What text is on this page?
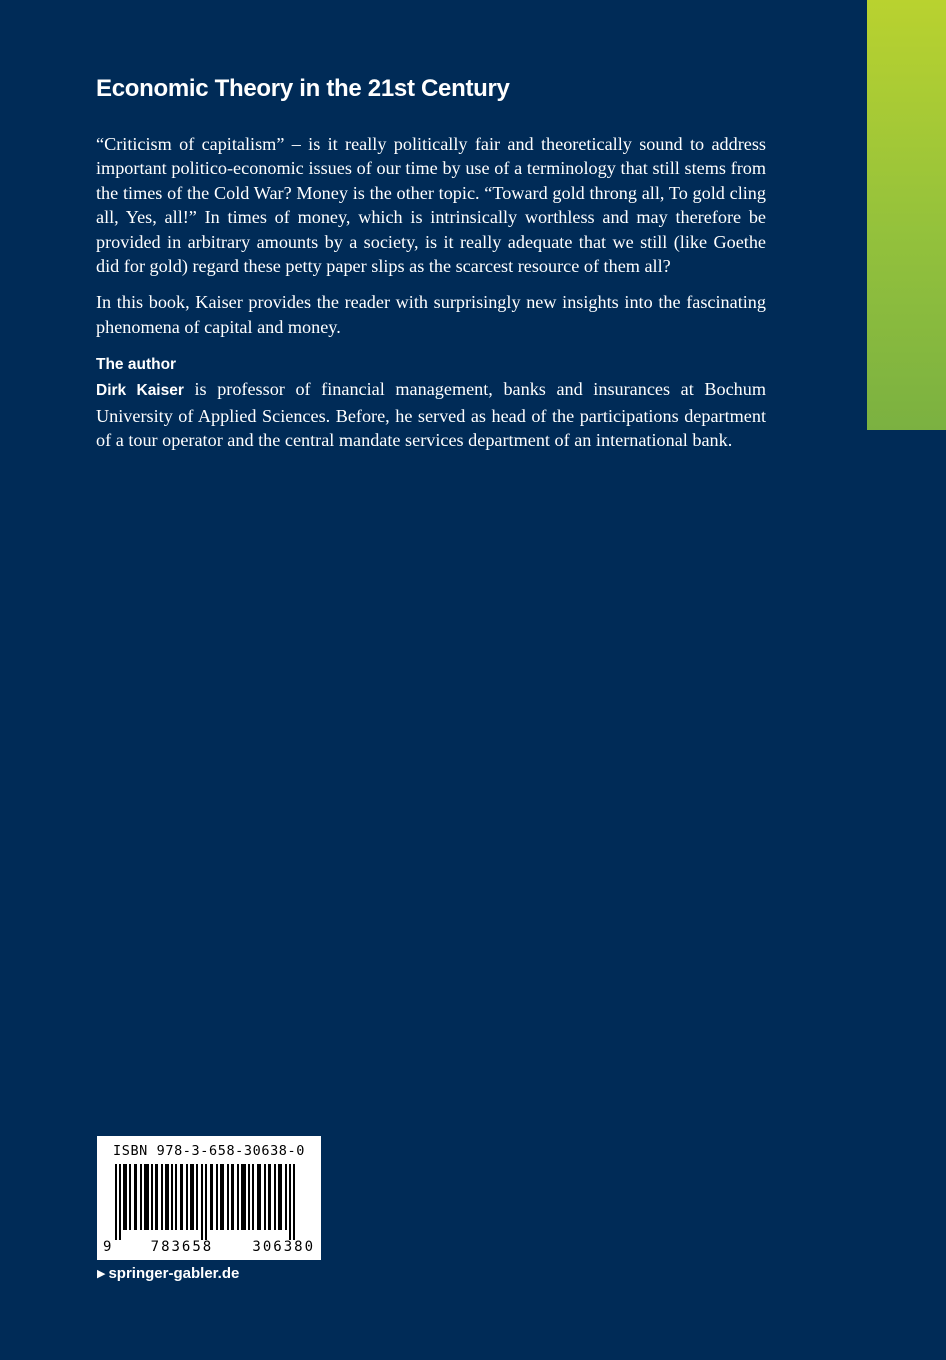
Economic Theory in the 21st Century

“Criticism of capitalism” – is it really politically fair and theoretically sound to address important politico-economic issues of our time by use of a terminology that still stems from the times of the Cold War? Money is the other topic. “Toward gold throng all, To gold cling all, Yes, all!” In times of money, which is intrinsically worthless and may therefore be provided in arbitrary amounts by a society, is it really adequate that we still (like Goethe did for gold) regard these petty paper slips as the scarcest resource of them all?

In this book, Kaiser provides the reader with surprisingly new insights into the fascinating phenomena of capital and money.

The author

Dirk Kaiser is professor of financial management, banks and insurances at Bochum University of Applied Sciences. Before, he served as head of the participations department of a tour operator and the central mandate services department of an international bank.

ISBN 978-3-658-30638-0
9	783658	306380
▶ springer-gabler.de
